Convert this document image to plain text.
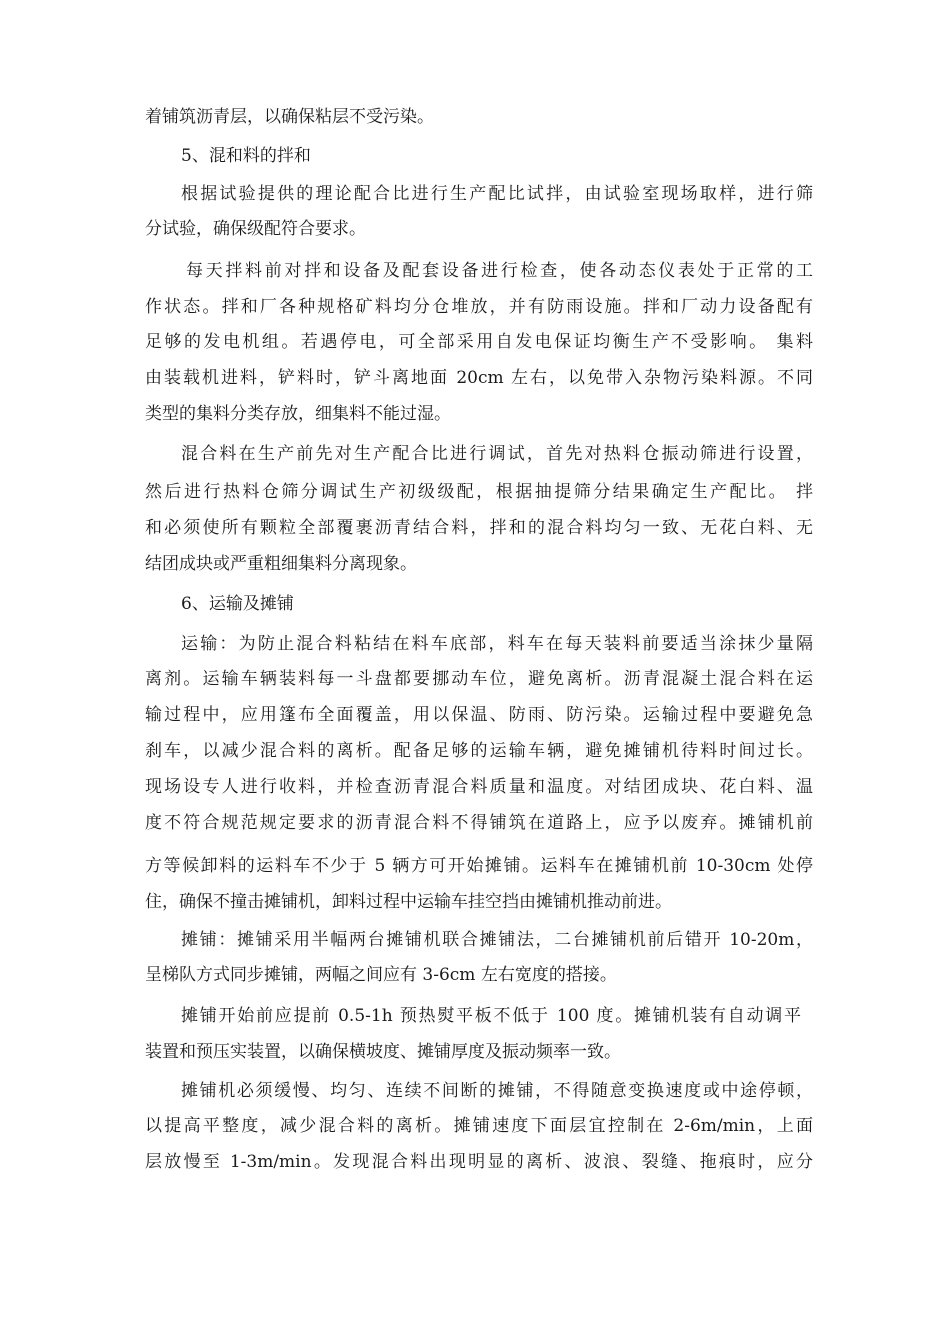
着铺筑沥青层，以确保粘层不受污染。
5、混和料的拌和
根据试验提供的理论配合比进行生产配比试拌，由试验室现场取样，进行筛
分试验，确保级配符合要求。
每天拌料前对拌和设备及配套设备进行检查，使各动态仪表处于正常的工
作状态。拌和厂各种规格矿料均分仓堆放，并有防雨设施。拌和厂动力设备配有
足够的发电机组。若遇停电，可全部采用自发电保证均衡生产不受影响。 集料
由装载机进料，铲料时，铲斗离地面 20cm 左右，以免带入杂物污染料源。不同
类型的集料分类存放，细集料不能过湿。
混合料在生产前先对生产配合比进行调试，首先对热料仓振动筛进行设置，
然后进行热料仓筛分调试生产初级级配，根据抽提筛分结果确定生产配比。 拌
和必须使所有颗粒全部覆裹沥青结合料，拌和的混合料均匀一致、无花白料、无
结团成块或严重粗细集料分离现象。
6、运输及摊铺
运输：为防止混合料粘结在料车底部，料车在每天装料前要适当涂抹少量隔
离剂。运输车辆装料每一斗盘都要挪动车位，避免离析。沥青混凝土混合料在运
输过程中，应用篷布全面覆盖，用以保温、防雨、防污染。运输过程中要避免急
刹车，以减少混合料的离析。配备足够的运输车辆，避免摊铺机待料时间过长。
现场设专人进行收料，并检查沥青混合料质量和温度。对结团成块、花白料、温
度不符合规范规定要求的沥青混合料不得铺筑在道路上，应予以废弃。摊铺机前
方等候卸料的运料车不少于 5 辆方可开始摊铺。运料车在摊铺机前 10-30cm 处停
住，确保不撞击摊铺机，卸料过程中运输车挂空挡由摊铺机推动前进。
摊铺：摊铺采用半幅两台摊铺机联合摊铺法，二台摊铺机前后错开 10-20m，
呈梯队方式同步摊铺，两幅之间应有 3-6cm 左右宽度的搭接。
摊铺开始前应提前 0.5-1h 预热熨平板不低于 100 度。摊铺机装有自动调平
装置和预压实装置，以确保横坡度、摊铺厚度及振动频率一致。
摊铺机必须缓慢、均匀、连续不间断的摊铺，不得随意变换速度或中途停顿，
以提高平整度，减少混合料的离析。摊铺速度下面层宜控制在 2-6m/min，上面
层放慢至 1-3m/min。发现混合料出现明显的离析、波浪、裂缝、拖痕时，应分
